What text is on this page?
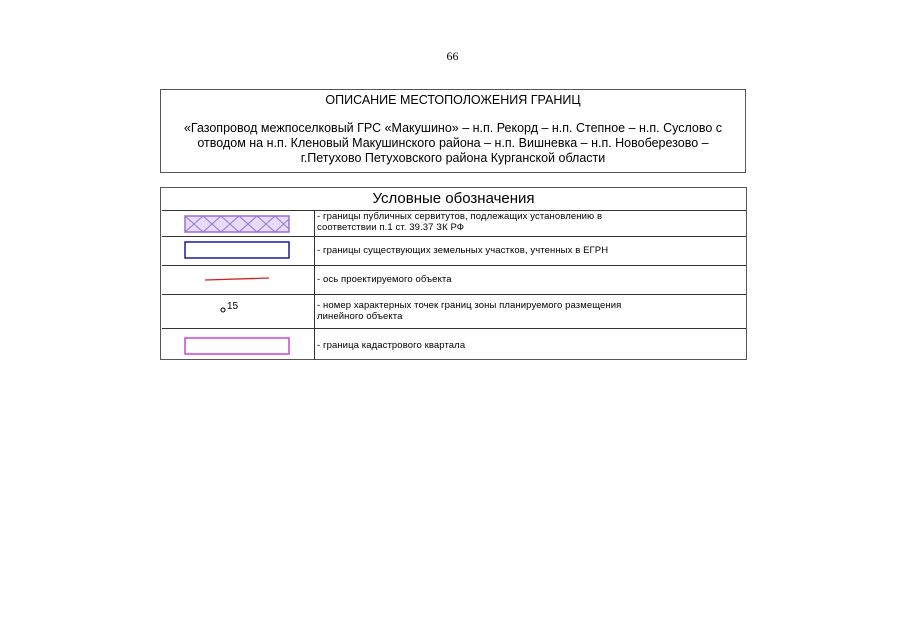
66
ОПИСАНИЕ МЕСТОПОЛОЖЕНИЯ ГРАНИЦ
«Газопровод межпоселковый ГРС «Макушино» – н.п. Рекорд – н.п. Степное – н.п. Суслово с
отводом на н.п. Кленовый Макушинского района – н.п. Вишневка – н.п. Новоберезово –
г.Петухово Петуховского района Курганской области
Условные обозначения
- границы публичных сервитутов, подлежащих установлению в
соответствии п.1 ст. 39.37 ЗК РФ
- границы существующих земельных участков, учтенных в ЕГРН
- ось проектируемого объекта
15	- номер характерных точек границ зоны планируемого размещения
линейного объекта
- граница кадастрового квартала
